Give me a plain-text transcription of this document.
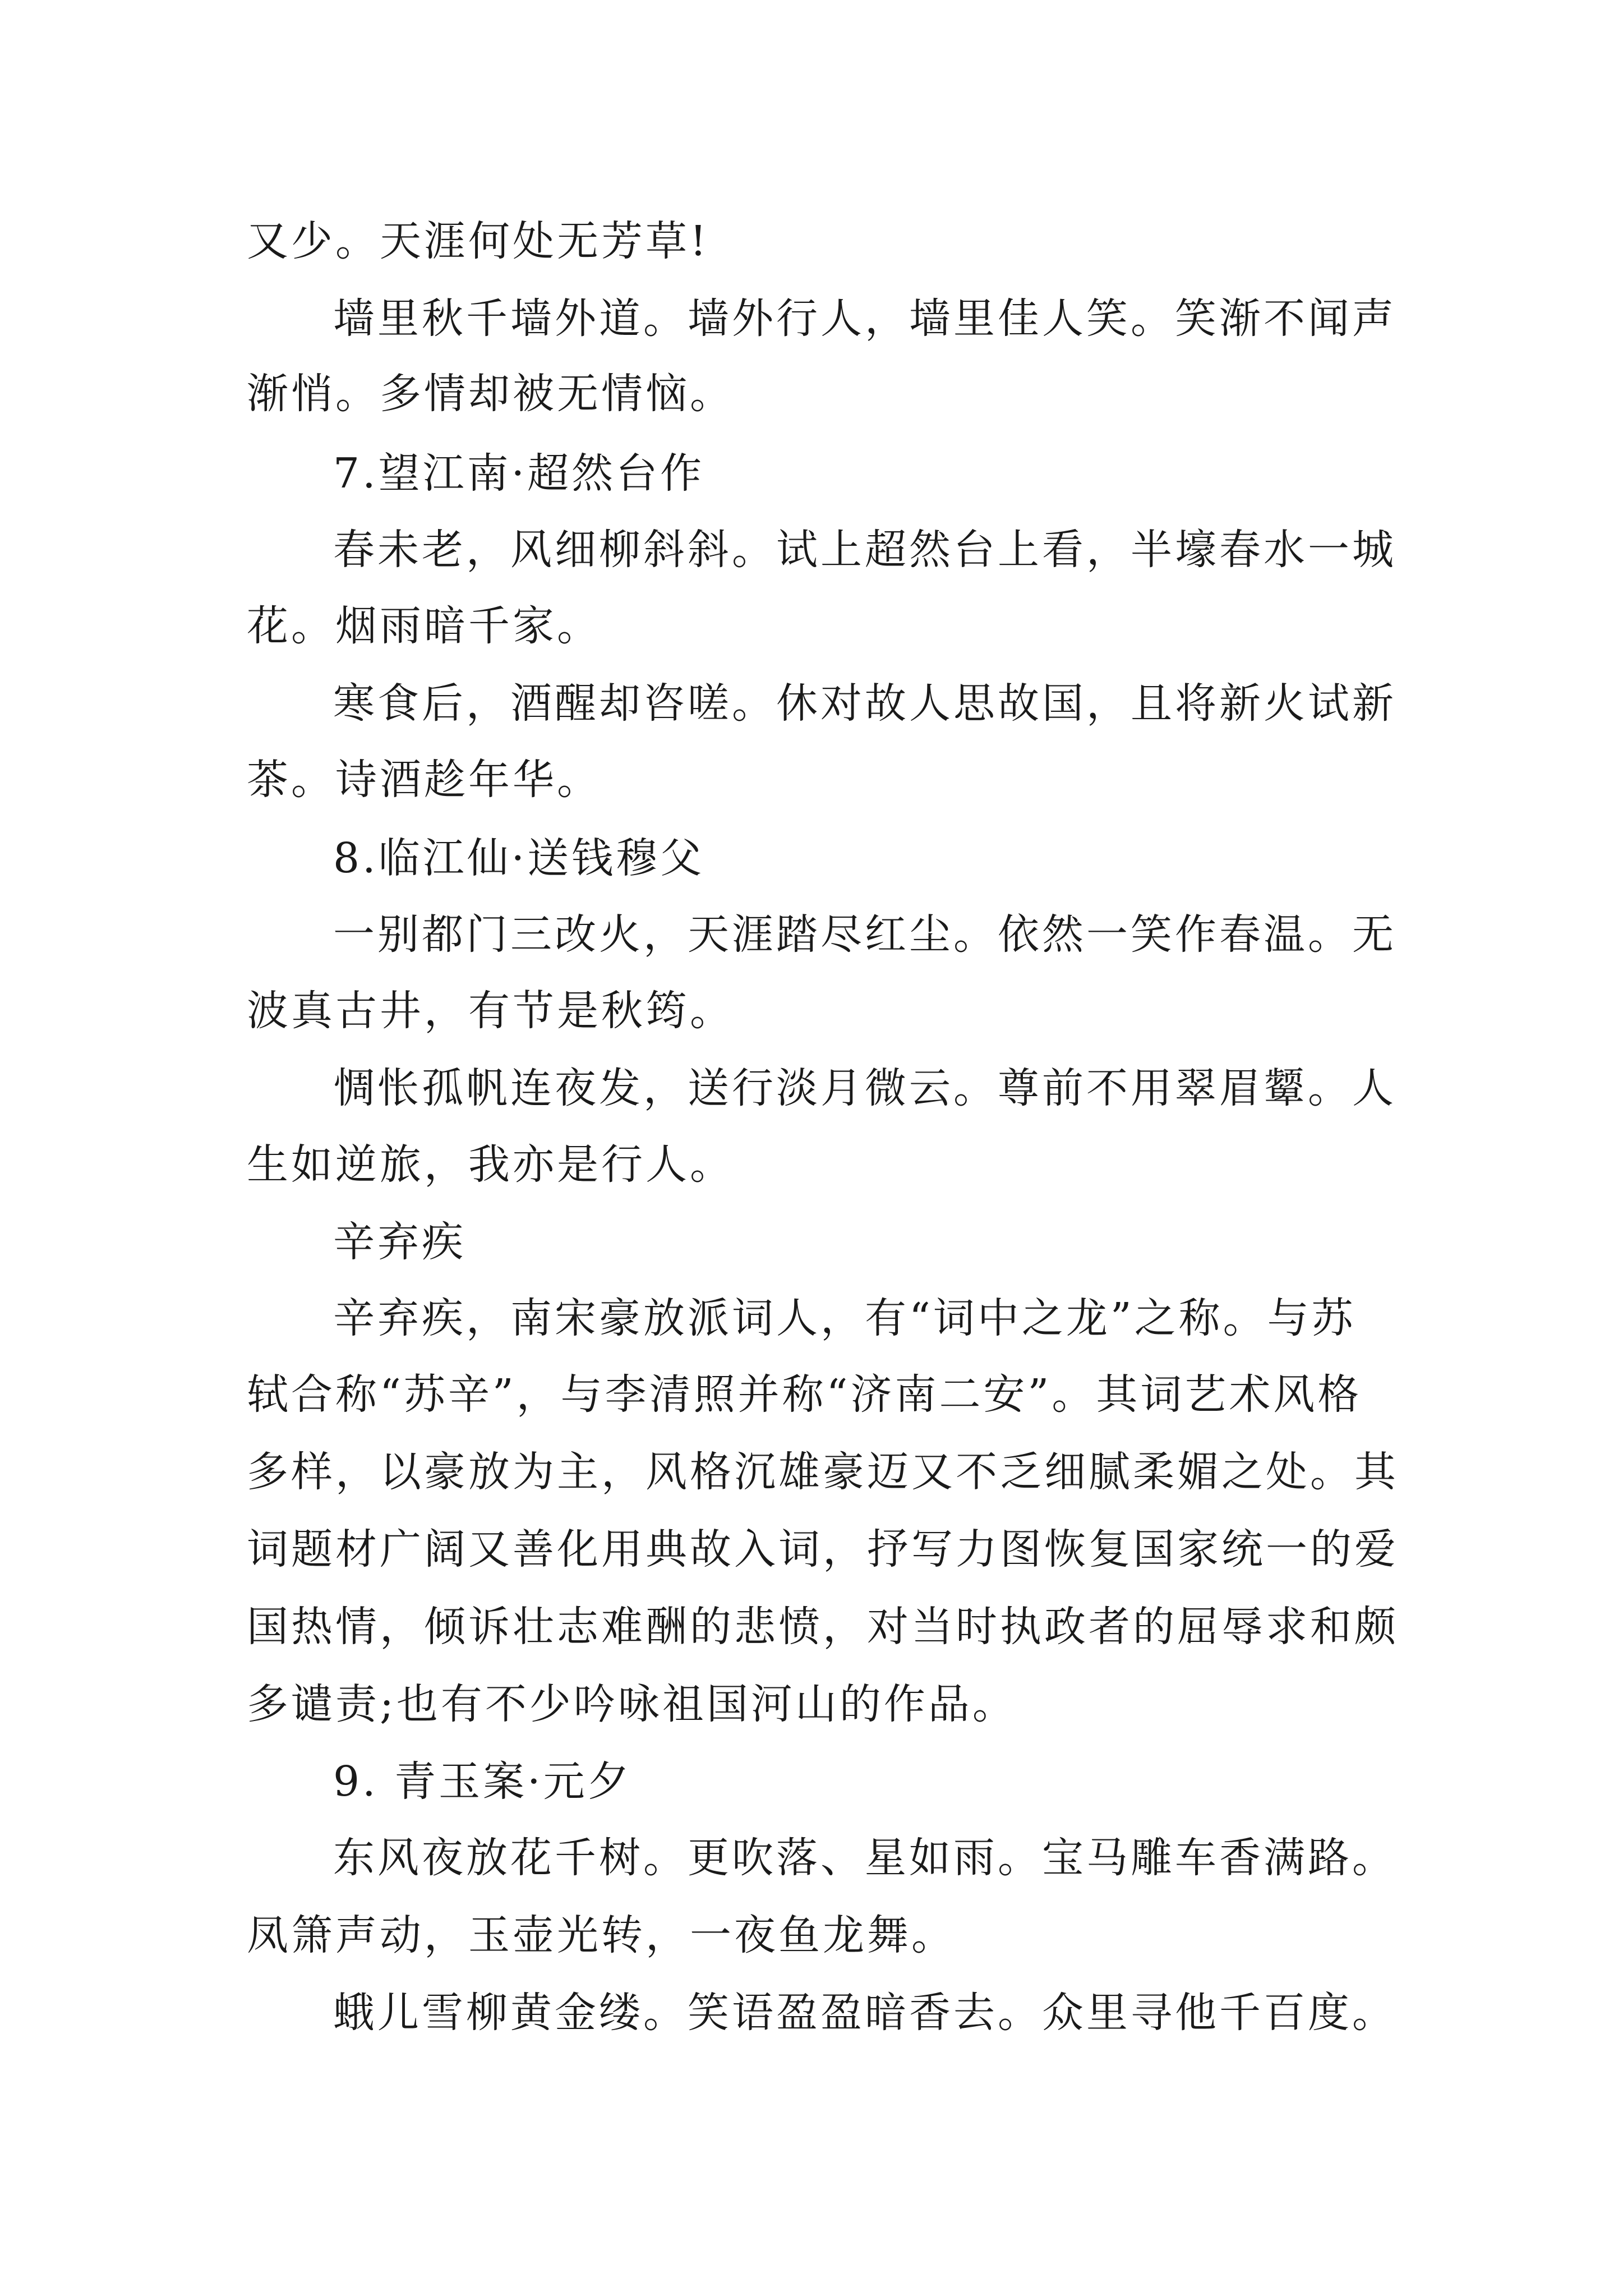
又少。天涯何处无芳草!

墙里秋千墙外道。墙外行人，墙里佳人笑。笑渐不闻声

渐悄。多情却被无情恼。

7.望江南·超然台作

春未老，风细柳斜斜。试上超然台上看，半壕春水一城

花。烟雨暗千家。

寒食后，酒醒却咨嗟。休对故人思故国，且将新火试新

茶。诗酒趁年华。

8.临江仙·送钱穆父

一别都门三改火，天涯踏尽红尘。依然一笑作春温。无

波真古井，有节是秋筠。

惆怅孤帆连夜发，送行淡月微云。尊前不用翠眉颦。人

生如逆旅，我亦是行人。

辛弃疾

辛弃疾，南宋豪放派词人，有“词中之龙”之称。与苏

轼合称“苏辛”，与李清照并称“济南二安”。其词艺术风格

多样，以豪放为主，风格沉雄豪迈又不乏细腻柔媚之处。其

词题材广阔又善化用典故入词，抒写力图恢复国家统一的爱

国热情，倾诉壮志难酬的悲愤，对当时执政者的屈辱求和颇

多谴责;也有不少吟咏祖国河山的作品。

9. 青玉案·元夕

东风夜放花千树。更吹落、星如雨。宝马雕车香满路。

凤箫声动，玉壶光转，一夜鱼龙舞。

蛾儿雪柳黄金缕。笑语盈盈暗香去。众里寻他千百度。
